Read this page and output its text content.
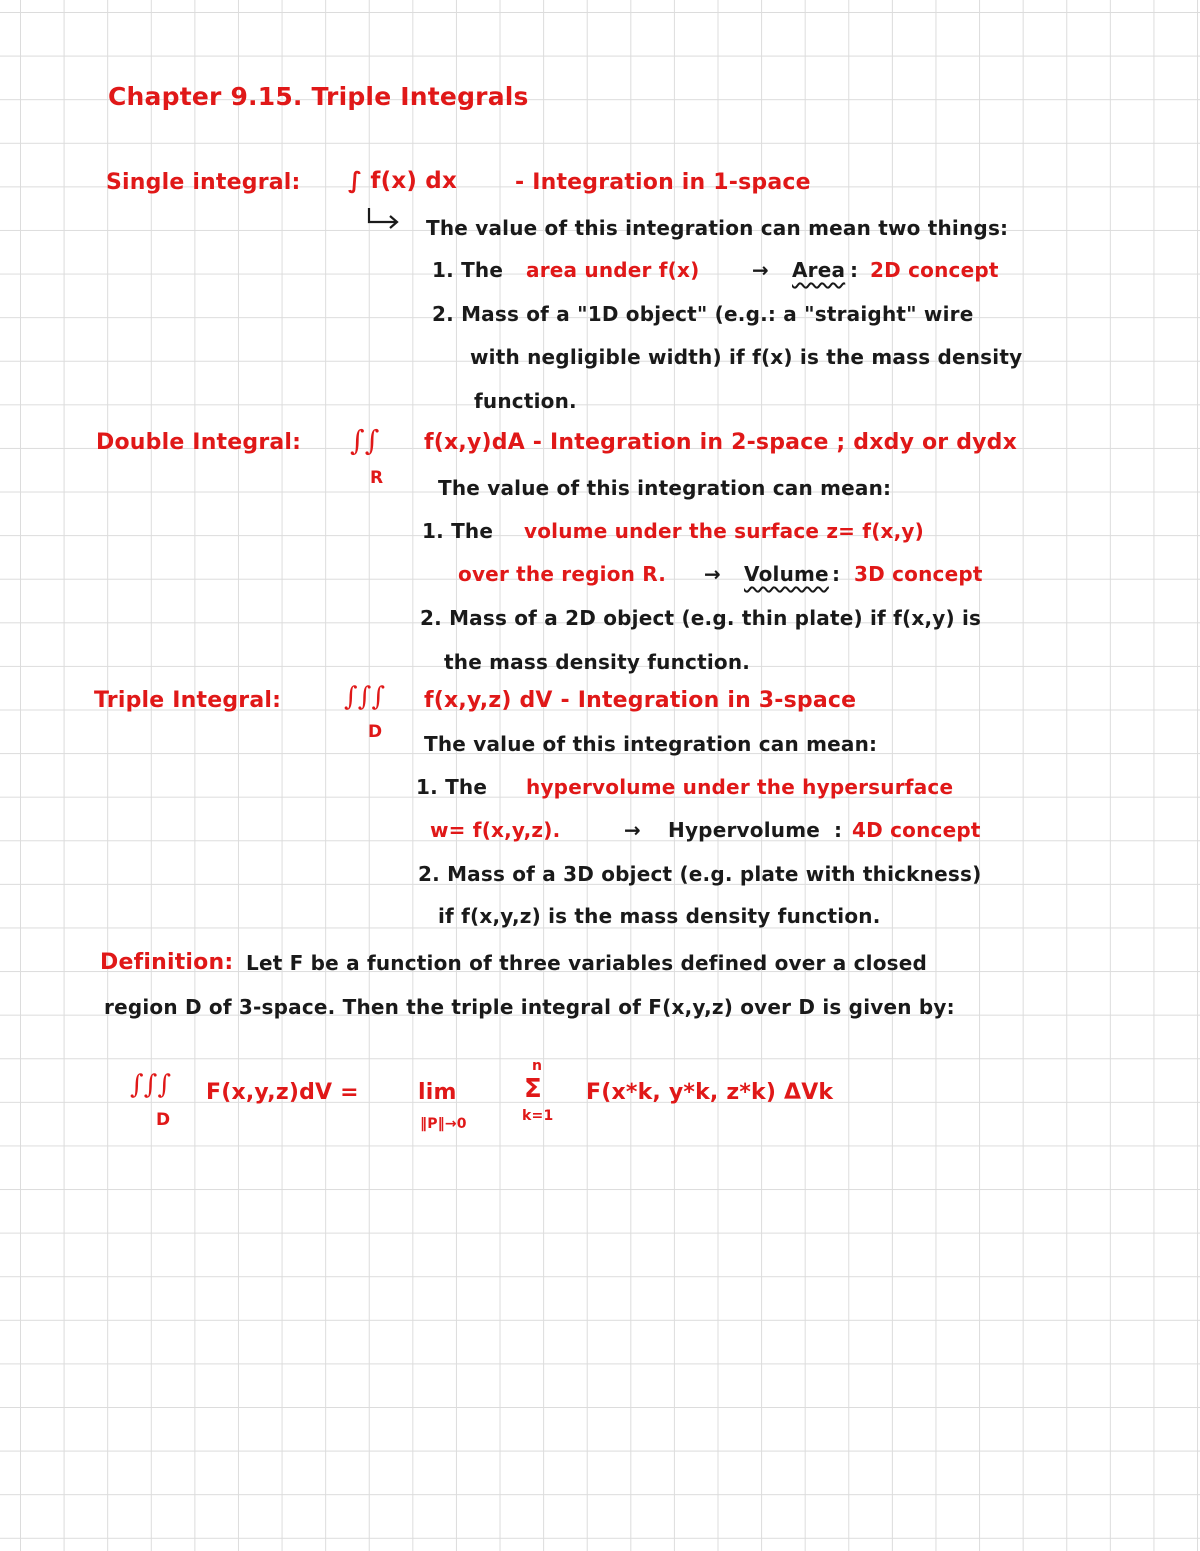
Chapter 9.15. Triple Integrals
Single integral: ∫ f(x) dx	- Integration in 1-space
The value of this integration can mean two things:
1. The area under f(x)	→ Area : 2D concept
2. Mass of a "1D object" (e.g.: a "straight" wire
with negligible width) if f(x) is the mass density
function.
Double Integral: ∫∫
R
f(x,y)dA - Integration in 2-space ; dxdy or dydx
The value of this integration can mean:
1. The volume under the surface z= f(x,y)
over the region R. → Volume : 3D concept
2. Mass of a 2D object (e.g. thin plate) if f(x,y) is
the mass density function.
Triple Integral: ∫∫∫
D
f(x,y,z) dV - Integration in 3-space
The value of this integration can mean:
1. The hypervolume under the hypersurface
w= f(x,y,z).	→ Hypervolume : 4D concept
2. Mass of a 3D object (e.g. plate with thickness)
if f(x,y,z) is the mass density function.
Definition: Let F be a function of three variables defined over a closed
region D of 3-space. Then the triple integral of F(x,y,z) over D is given by:
∫∫∫
D
F(x,y,z)dV =	lim
‖P‖→0
n
Σ
k=1
F(x*k, y*k, z*k) ΔVk
